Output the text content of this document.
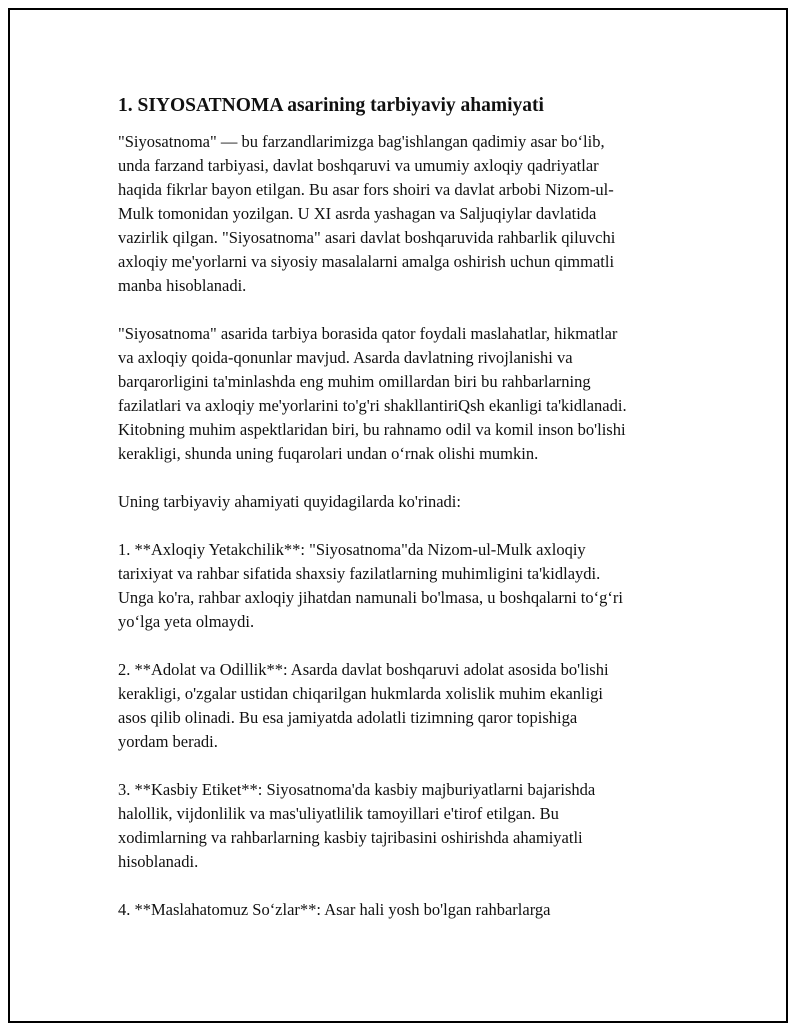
1. SIYOSATNOMA asarining tarbiyaviy ahamiyati

"Siyosatnoma" — bu farzandlarimizga bag'ishlangan qadimiy asar bo‘lib,
unda farzand tarbiyasi, davlat boshqaruvi va umumiy axloqiy qadriyatlar
haqida fikrlar bayon etilgan. Bu asar fors shoiri va davlat arbobi Nizom-ul-
Mulk tomonidan yozilgan. U XI asrda yashagan va Saljuqiylar davlatida
vazirlik qilgan. "Siyosatnoma" asari davlat boshqaruvida rahbarlik qiluvchi
axloqiy me'yorlarni va siyosiy masalalarni amalga oshirish uchun qimmatli
manba hisoblanadi.

"Siyosatnoma" asarida tarbiya borasida qator foydali maslahatlar, hikmatlar
va axloqiy qoida-qonunlar mavjud. Asarda davlatning rivojlanishi va
barqarorligini ta'minlashda eng muhim omillardan biri bu rahbarlarning
fazilatlari va axloqiy me'yorlarini to'g'ri shakllantiriQsh ekanligi ta'kidlanadi.
Kitobning muhim aspektlaridan biri, bu rahnamo odil va komil inson bo'lishi
kerakligi, shunda uning fuqarolari undan o‘rnak olishi mumkin.

Uning tarbiyaviy ahamiyati quyidagilarda ko'rinadi:

1. **Axloqiy Yetakchilik**: "Siyosatnoma"da Nizom-ul-Mulk axloqiy
tarixiyat va rahbar sifatida shaxsiy fazilatlarning muhimligini ta'kidlaydi.
Unga ko'ra, rahbar axloqiy jihatdan namunali bo'lmasa, u boshqalarni to‘g‘ri
yo‘lga yeta olmaydi.

2. **Adolat va Odillik**: Asarda davlat boshqaruvi adolat asosida bo'lishi
kerakligi, o'zgalar ustidan chiqarilgan hukmlarda xolislik muhim ekanligi
asos qilib olinadi. Bu esa jamiyatda adolatli tizimning qaror topishiga
yordam beradi.

3. **Kasbiy Etiket**: Siyosatnoma'da kasbiy majburiyatlarni bajarishda
halollik, vijdonlilik va mas'uliyatlilik tamoyillari e'tirof etilgan. Bu
xodimlarning va rahbarlarning kasbiy tajribasini oshirishda ahamiyatli
hisoblanadi.

4. **Maslahatomuz So‘zlar**: Asar hali yosh bo'lgan rahbarlarga
